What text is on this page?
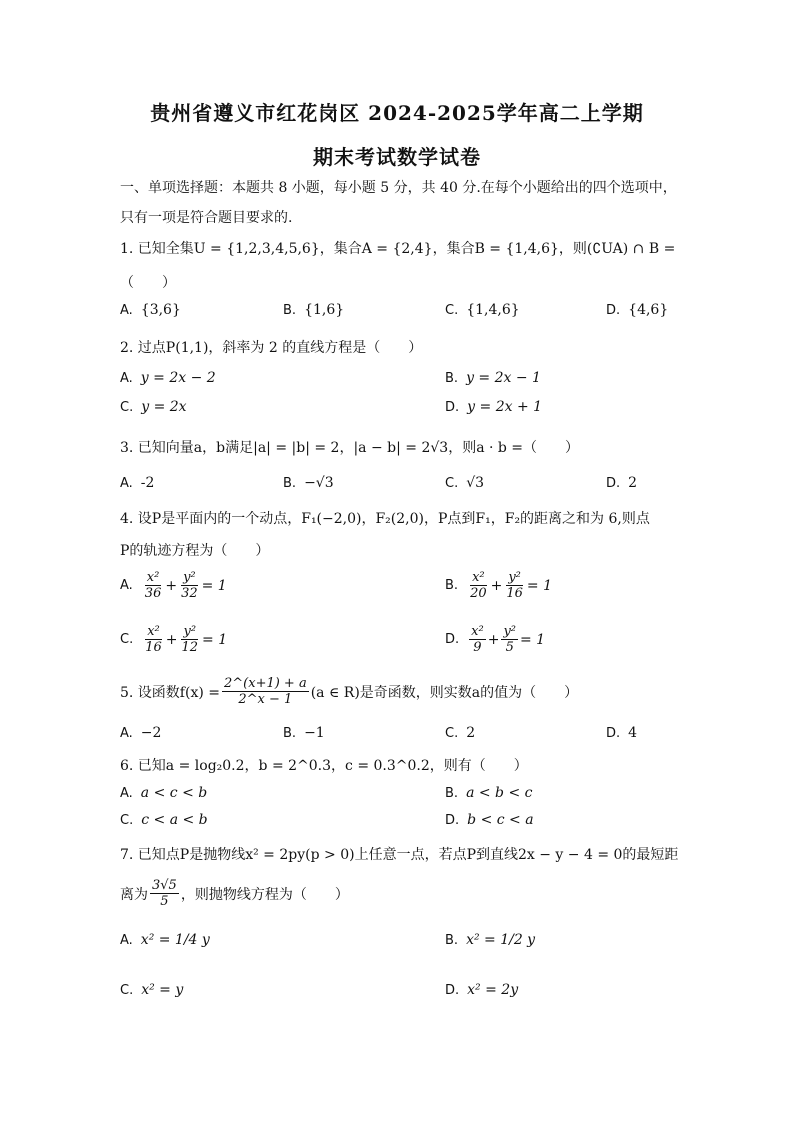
贵州省遵义市红花岗区 2024-2025学年高二上学期
期末考试数学试卷
一、单项选择题：本题共 8 小题，每小题 5 分，共 40 分.在每个小题给出的四个选项中，只有一项是符合题目要求的.
1. 已知全集U = {1,2,3,4,5,6}，集合A = {2,4}，集合B = {1,4,6}，则(∁UA) ∩ B =
（　　）
A. {3,6}	B. {1,6}	C. {1,4,6}	D. {4,6}
2. 过点P(1,1)，斜率为 2 的直线方程是（　　）
A. y = 2x − 2	B. y = 2x − 1
C. y = 2x	D. y = 2x + 1
3. 已知向量a，b满足|a| = |b| = 2，|a − b| = 2√3，则a · b =（　　）
A. -2	B. −√3	C. √3	D. 2
4. 设P是平面内的一个动点，F₁(−2,0)，F₂(2,0)，P点到F₁，F₂的距离之和为 6,则点
P的轨迹方程为（　　）
A. $\frac{\text{x²}}{36} + \frac{\text{y²}}{32} = 1$	B. $\frac{\text{x²}}{20} + \frac{\text{y²}}{16} = 1$
C. $\frac{\text{x²}}{16} + \frac{\text{y²}}{12} = 1$	D. $\frac{\text{x²}}{9} + \frac{\text{y²}}{5} = 1$
5. 设函数$f(x) = \frac{2\^{}(x+1) + a}{2\^{}x - 1} (a$ ∈ R)是奇函数，则实数a的值为（　　）
A. −2	B. −1	C. 2	D. 4
6. 已知a = log₂0.2，b = 2^0.3，c = 0.3^0.2，则有（　　）
A. a < c < b	B. a < b < c
C. c < a < b	D. b < c < a
7. 已知点P是抛物线x² = 2py(p > 0)上任意一点，若点P到直线2x − y − 4 = 0的最短距
离为 $\frac{3√5}{5}$ ，则抛物线方程为（　　）
A. x² = 1/4 y	B. x² = 1/2 y
C. x² = y	D. x² = 2y
